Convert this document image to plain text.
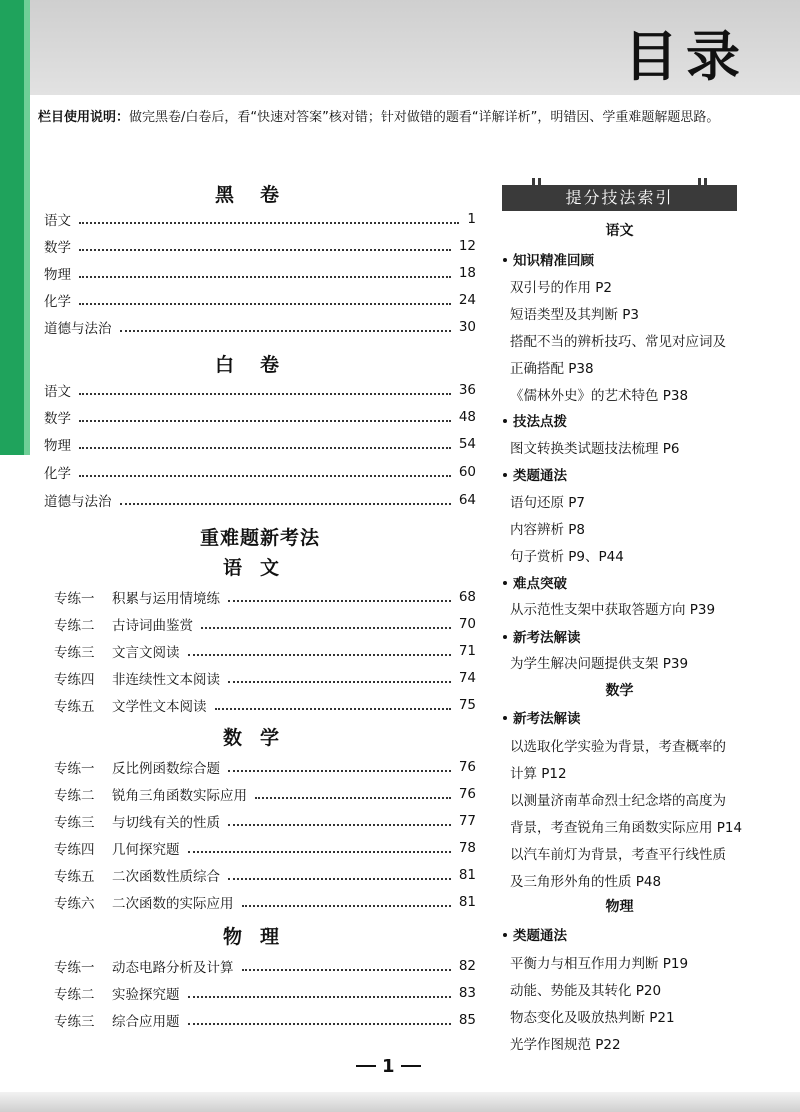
目录
栏目使用说明：做完黑卷/白卷后，看“快速对答案”核对错；针对做错的题看“详解详析”，明错因、学重难题解题思路。
黑卷
语文	1
数学	12
物理	18
化学	24
道德与法治	30
白卷
语文	36
数学	48
物理	54
化学	60
道德与法治	64
重难题新考法
语文
专练一	积累与运用情境练	68
专练二	古诗词曲鉴赏	70
专练三	文言文阅读	71
专练四	非连续性文本阅读	74
专练五	文学性文本阅读	75
数学
专练一	反比例函数综合题	76
专练二	锐角三角函数实际应用	76
专练三	与切线有关的性质	77
专练四	几何探究题	78
专练五	二次函数性质综合	81
专练六	二次函数的实际应用	81
物理
专练一	动态电路分析及计算	82
专练二	实验探究题	83
专练三	综合应用题	85
提分技法索引
语文
知识精准回顾
双引号的作用 P2
短语类型及其判断 P3
搭配不当的辨析技巧、常见对应词及
正确搭配 P38
《儒林外史》的艺术特色 P38
技法点拨
图文转换类试题技法梳理 P6
类题通法
语句还原 P7
内容辨析 P8
句子赏析 P9、P44
难点突破
从示范性支架中获取答题方向 P39
新考法解读
为学生解决问题提供支架 P39
数学
新考法解读
以选取化学实验为背景，考查概率的
计算 P12
以测量济南革命烈士纪念塔的高度为
背景，考查锐角三角函数实际应用 P14
以汽车前灯为背景，考查平行线性质
及三角形外角的性质 P48
物理
类题通法
平衡力与相互作用力判断 P19
动能、势能及其转化 P20
物态变化及吸放热判断 P21
光学作图规范 P22
1
